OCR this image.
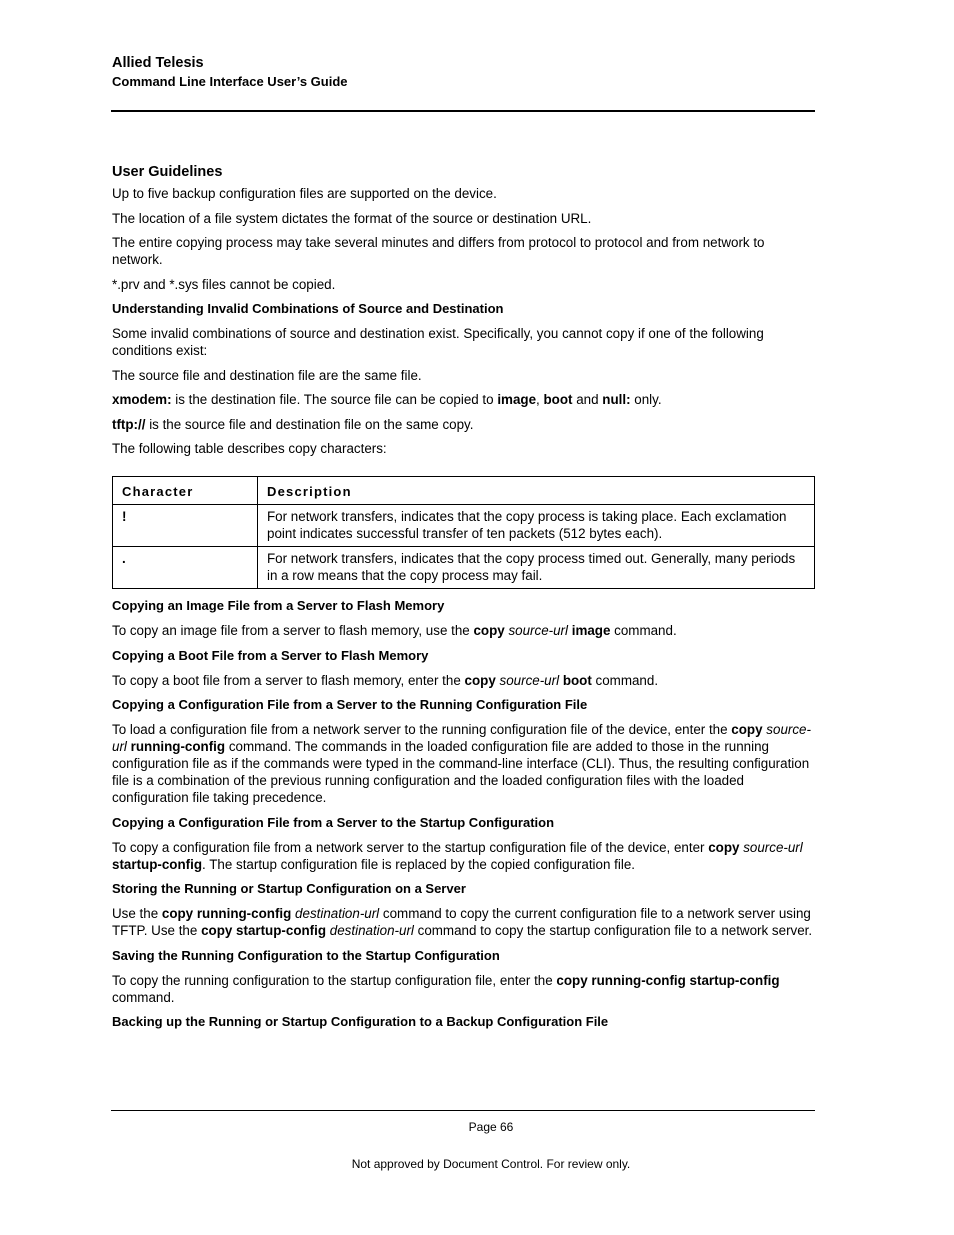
Allied Telesis
Command Line Interface User’s Guide
User Guidelines

Up to five backup configuration files are supported on the device.

The location of a file system dictates the format of the source or destination URL.

The entire copying process may take several minutes and differs from protocol to protocol and from network to network.

*.prv and *.sys files cannot be copied.

Understanding Invalid Combinations of Source and Destination

Some invalid combinations of source and destination exist. Specifically, you cannot copy if one of the following conditions exist:

The source file and destination file are the same file.

xmodem: is the destination file. The source file can be copied to image, boot and null: only.

tftp:// is the source file and destination file on the same copy.

The following table describes copy characters:

Character	Description
!	For network transfers, indicates that the copy process is taking place. Each exclamation point indicates successful transfer of ten packets (512 bytes each).
.	For network transfers, indicates that the copy process timed out. Generally, many periods in a row means that the copy process may fail.
Copying an Image File from a Server to Flash Memory

To copy an image file from a server to flash memory, use the copy source-url image command.

Copying a Boot File from a Server to Flash Memory

To copy a boot file from a server to flash memory, enter the copy source-url boot command.

Copying a Configuration File from a Server to the Running Configuration File

To load a configuration file from a network server to the running configuration file of the device, enter the copy source-url running-config command. The commands in the loaded configuration file are added to those in the running configuration file as if the commands were typed in the command-line interface (CLI). Thus, the resulting configuration file is a combination of the previous running configuration and the loaded configuration files with the loaded configuration file taking precedence.

Copying a Configuration File from a Server to the Startup Configuration

To copy a configuration file from a network server to the startup configuration file of the device, enter copy source-url startup-config. The startup configuration file is replaced by the copied configuration file.

Storing the Running or Startup Configuration on a Server

Use the copy running-config destination-url command to copy the current configuration file to a network server using TFTP. Use the copy startup-config destination-url command to copy the startup configuration file to a network server.

Saving the Running Configuration to the Startup Configuration

To copy the running configuration to the startup configuration file, enter the copy running-config startup-config command.

Backing up the Running or Startup Configuration to a Backup Configuration File
Page 66
Not approved by Document Control. For review only.
